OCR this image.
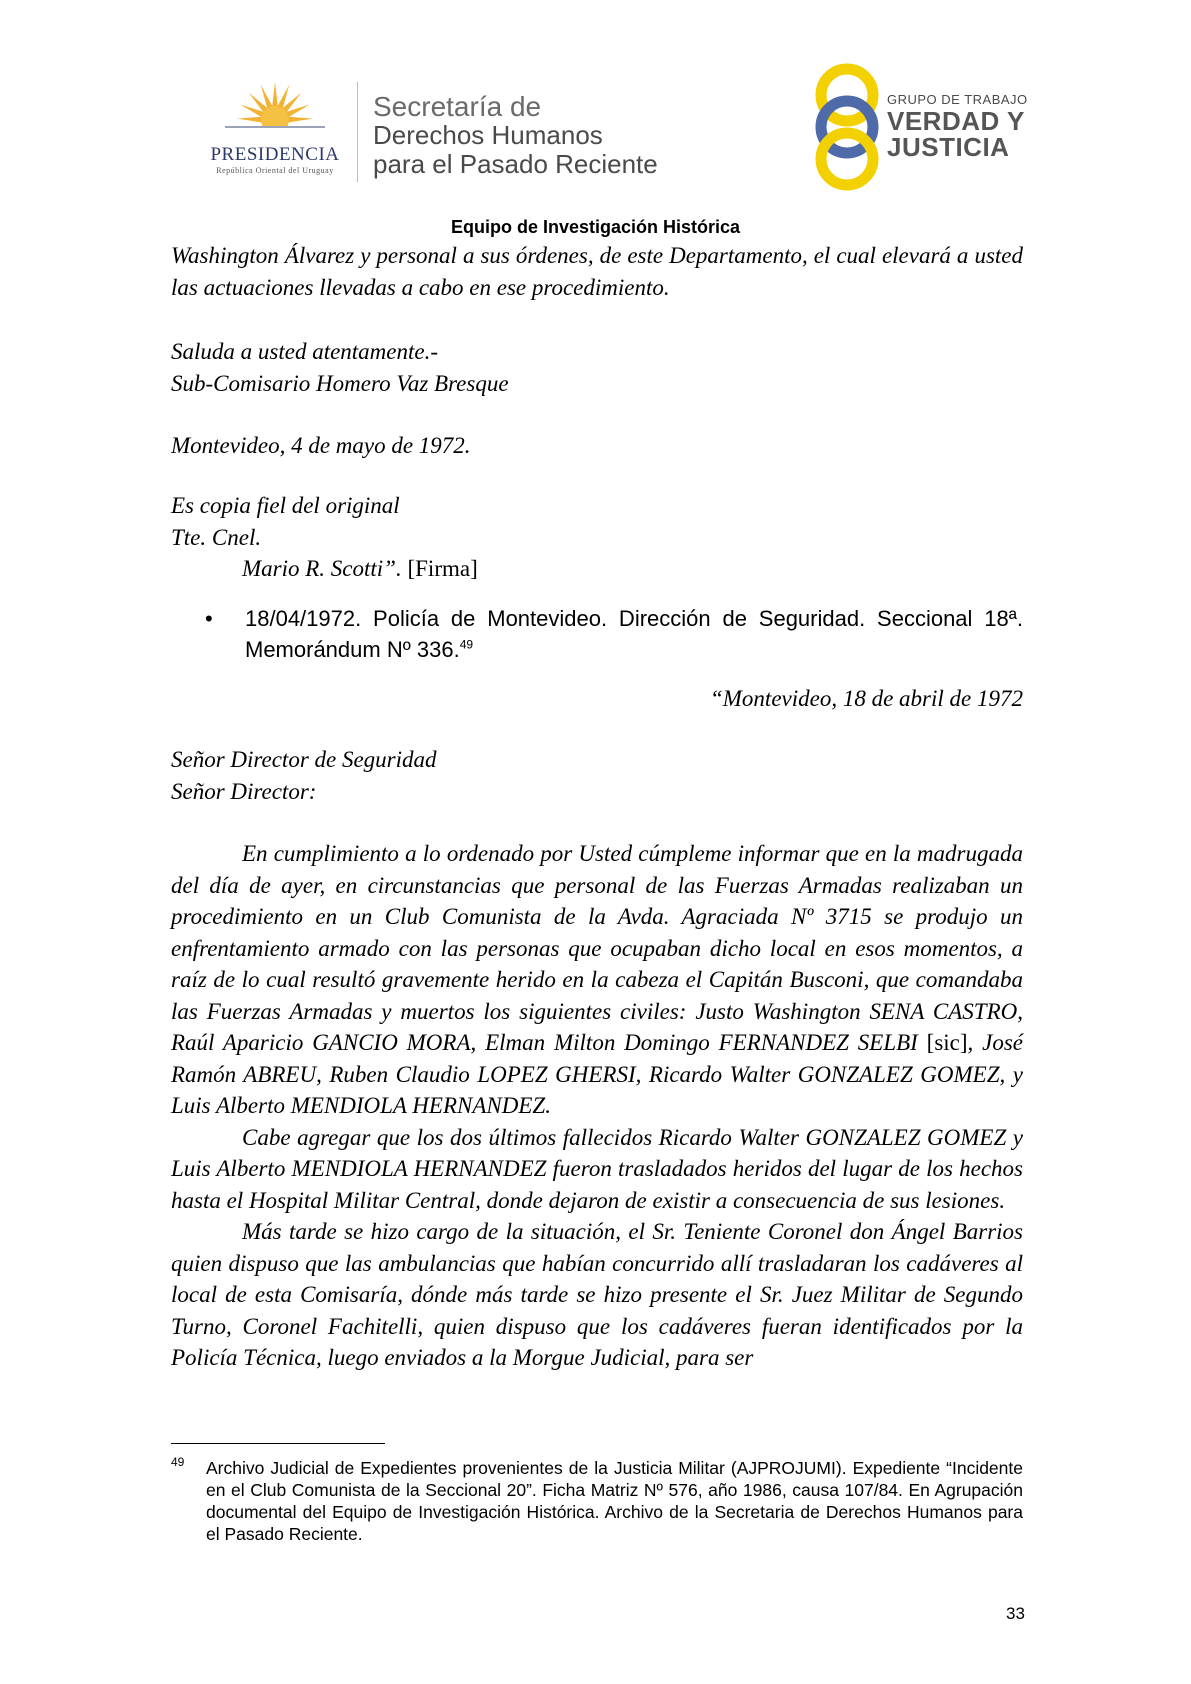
PRESIDENCIA
República Oriental del Uruguay
Secretaría de
Derechos Humanos
para el Pasado Reciente
GRUPO DE TRABAJO
VERDAD Y
JUSTICIA
Equipo de Investigación Histórica
Washington Álvarez y personal a sus órdenes, de este Departamento, el cual elevará a usted las actuaciones llevadas a cabo en ese procedimiento.
Saluda a usted atentamente.-
Sub-Comisario Homero Vaz Bresque
Montevideo, 4 de mayo de 1972.
Es copia fiel del original
Tte. Cnel.
Mario R. Scotti”. [Firma]
• 18/04/1972. Policía de Montevideo. Dirección de Seguridad. Seccional 18ª. Memorándum Nº 336.49
“Montevideo, 18 de abril de 1972
Señor Director de Seguridad
Señor Director:
En cumplimiento a lo ordenado por Usted cúmpleme informar que en la madrugada del día de ayer, en circunstancias que personal de las Fuerzas Armadas realizaban un procedimiento en un Club Comunista de la Avda. Agraciada Nº 3715 se produjo un enfrentamiento armado con las personas que ocupaban dicho local en esos momentos, a raíz de lo cual resultó gravemente herido en la cabeza el Capitán Busconi, que comandaba las Fuerzas Armadas y muertos los siguientes civiles: Justo Washington SENA CASTRO, Raúl Aparicio GANCIO MORA, Elman Milton Domingo FERNANDEZ SELBI [sic], José Ramón ABREU, Ruben Claudio LOPEZ GHERSI, Ricardo Walter GONZALEZ GOMEZ, y Luis Alberto MENDIOLA HERNANDEZ.
Cabe agregar que los dos últimos fallecidos Ricardo Walter GONZALEZ GOMEZ y Luis Alberto MENDIOLA HERNANDEZ fueron trasladados heridos del lugar de los hechos hasta el Hospital Militar Central, donde dejaron de existir a consecuencia de sus lesiones.
Más tarde se hizo cargo de la situación, el Sr. Teniente Coronel don Ángel Barrios quien dispuso que las ambulancias que habían concurrido allí trasladaran los cadáveres al local de esta Comisaría, dónde más tarde se hizo presente el Sr. Juez Militar de Segundo Turno, Coronel Fachitelli, quien dispuso que los cadáveres fueran identificados por la Policía Técnica, luego enviados a la Morgue Judicial, para ser
49 Archivo Judicial de Expedientes provenientes de la Justicia Militar (AJPROJUMI). Expediente “Incidente en el Club Comunista de la Seccional 20”. Ficha Matriz Nº 576, año 1986, causa 107/84. En Agrupación documental del Equipo de Investigación Histórica. Archivo de la Secretaria de Derechos Humanos para el Pasado Reciente.
33
